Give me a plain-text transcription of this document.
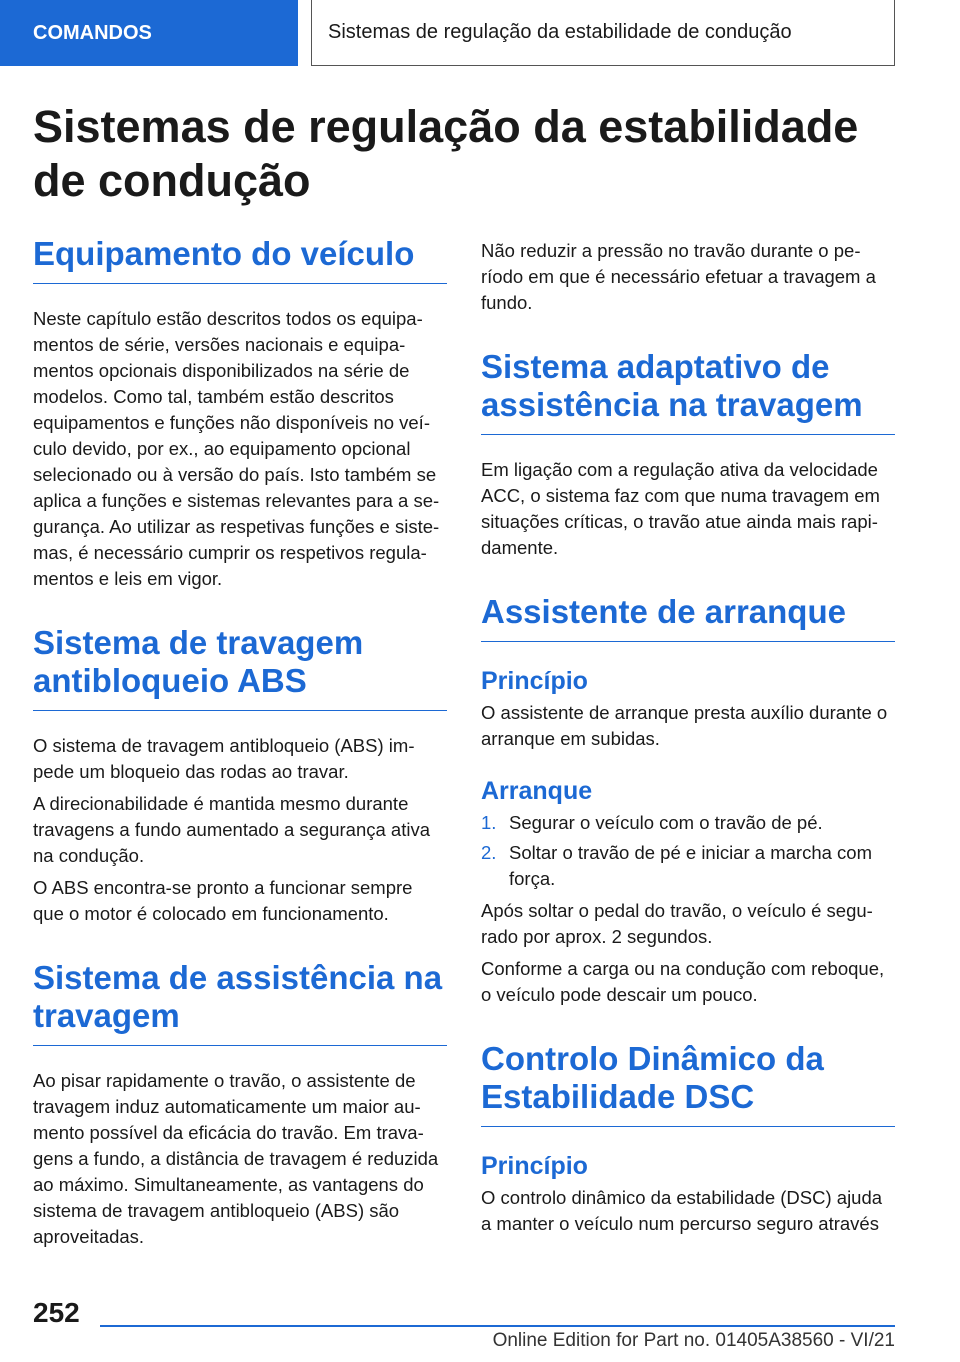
COMANDOS	Sistemas de regulação da estabilidade de condução
Sistemas de regulação da estabilidade de condução
Equipamento do veículo

Neste capítulo estão descritos todos os equipamentos de série, versões nacionais e equipamentos opcionais disponibilizados na série de modelos. Como tal, também estão descritos equipamentos e funções não disponíveis no veículo devido, por ex., ao equipamento opcional selecionado ou à versão do país. Isto também se aplica a funções e sistemas relevantes para a segurança. Ao utilizar as respetivas funções e sistemas, é necessário cumprir os respetivos regulamentos e leis em vigor.

Sistema de travagem antibloqueio ABS

O sistema de travagem antibloqueio (ABS) impede um bloqueio das rodas ao travar.

A direcionabilidade é mantida mesmo durante travagens a fundo aumentado a segurança ativa na condução.

O ABS encontra-se pronto a funcionar sempre que o motor é colocado em funcionamento.

Sistema de assistência na travagem

Ao pisar rapidamente o travão, o assistente de travagem induz automaticamente um maior aumento possível da eficácia do travão. Em travagens a fundo, a distância de travagem é reduzida ao máximo. Simultaneamente, as vantagens do sistema de travagem antibloqueio (ABS) são aproveitadas.

Não reduzir a pressão no travão durante o período em que é necessário efetuar a travagem a fundo.

Sistema adaptativo de assistência na travagem

Em ligação com a regulação ativa da velocidade ACC, o sistema faz com que numa travagem em situações críticas, o travão atue ainda mais rapidamente.

Assistente de arranque
Princípio

O assistente de arranque presta auxílio durante o arranque em subidas.

Arranque
1. Segurar o veículo com o travão de pé.
2. Soltar o travão de pé e iniciar a marcha com força.

Após soltar o pedal do travão, o veículo é segurado por aprox. 2 segundos.

Conforme a carga ou na condução com reboque, o veículo pode descair um pouco.

Controlo Dinâmico da Estabilidade DSC
Princípio

O controlo dinâmico da estabilidade (DSC) ajuda a manter o veículo num percurso seguro através

252
Online Edition for Part no. 01405A38560 - VI/21
